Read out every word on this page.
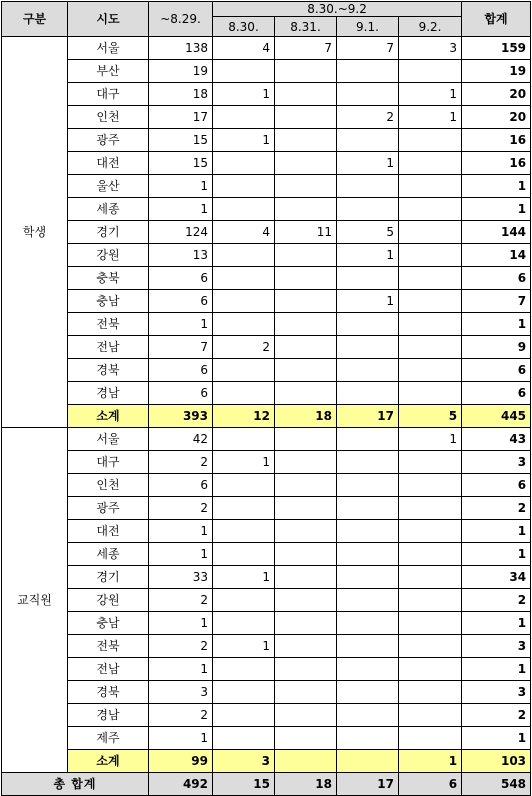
구분	시도	~8.29.	8.30.~9.2				합계
			8.30.	8.31.	9.1.	9.2.	
학생	서울	138	4	7	7	3	159
	부산	19					19
	대구	18	1			1	20
	인천	17			2	1	20
	광주	15	1				16
	대전	15			1		16
	울산	1					1
	세종	1					1
	경기	124	4	11	5		144
	강원	13			1		14
	충북	6					6
	충남	6			1		7
	전북	1					1
	전남	7	2				9
	경북	6					6
	경남	6					6
	소계	393	12	18	17	5	445
교직원	서울	42				1	43
	대구	2	1				3
	인천	6					6
	광주	2					2
	대전	1					1
	세종	1					1
	경기	33	1				34
	강원	2					2
	충남	1					1
	전북	2	1				3
	전남	1					1
	경북	3					3
	경남	2					2
	제주	1					1
	소계	99	3			1	103
총 합계		492	15	18	17	6	548
